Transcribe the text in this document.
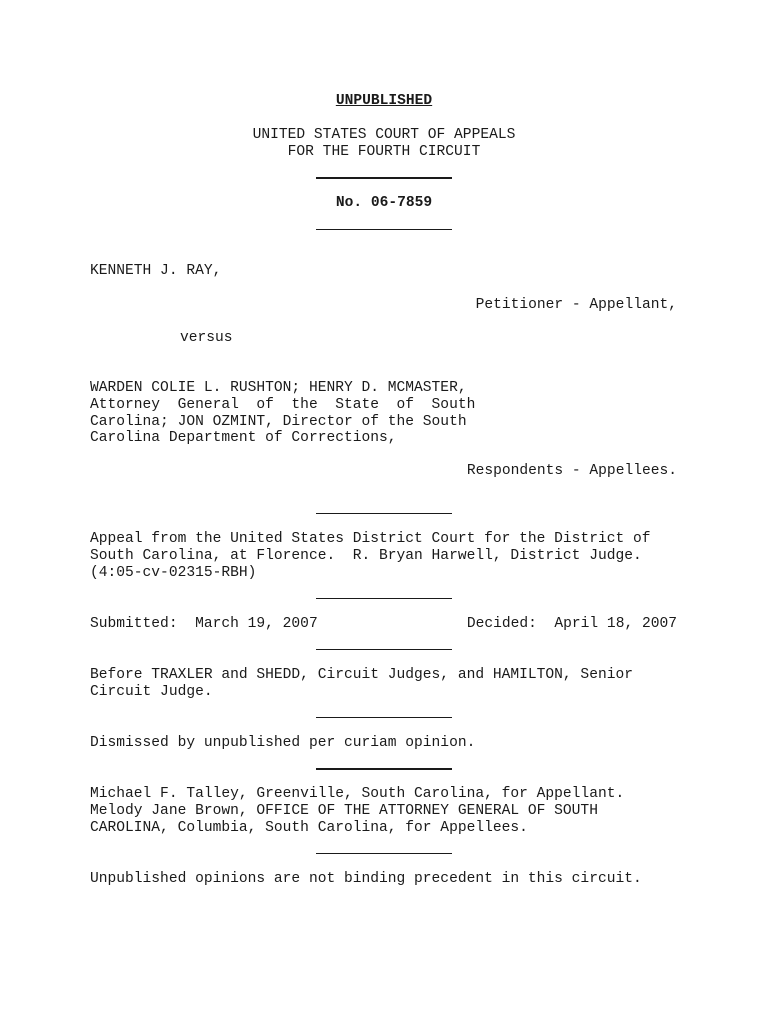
UNPUBLISHED
UNITED STATES COURT OF APPEALS
FOR THE FOURTH CIRCUIT
No. 06-7859
KENNETH J. RAY,
Petitioner - Appellant,
versus
WARDEN COLIE L. RUSHTON; HENRY D. MCMASTER,
Attorney  General  of  the  State  of  South
Carolina; JON OZMINT, Director of the South
Carolina Department of Corrections,
Respondents - Appellees.
Appeal from the United States District Court for the District of
South Carolina, at Florence.  R. Bryan Harwell, District Judge.
(4:05-cv-02315-RBH)
Submitted:  March 19, 2007	Decided:  April 18, 2007
Before TRAXLER and SHEDD, Circuit Judges, and HAMILTON, Senior
Circuit Judge.
Dismissed by unpublished per curiam opinion.
Michael F. Talley, Greenville, South Carolina, for Appellant.
Melody Jane Brown, OFFICE OF THE ATTORNEY GENERAL OF SOUTH
CAROLINA, Columbia, South Carolina, for Appellees.
Unpublished opinions are not binding precedent in this circuit.
